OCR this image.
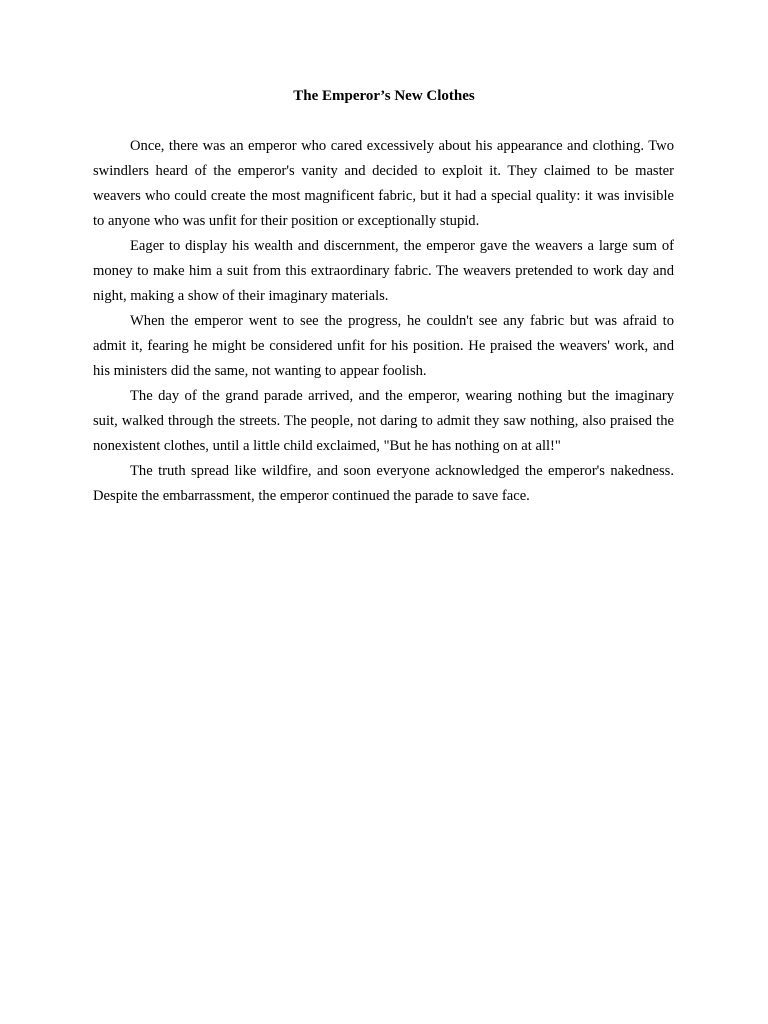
The Emperor’s New Clothes

Once, there was an emperor who cared excessively about his appearance and clothing. Two swindlers heard of the emperor's vanity and decided to exploit it. They claimed to be master weavers who could create the most magnificent fabric, but it had a special quality: it was invisible to anyone who was unfit for their position or exceptionally stupid.

Eager to display his wealth and discernment, the emperor gave the weavers a large sum of money to make him a suit from this extraordinary fabric. The weavers pretended to work day and night, making a show of their imaginary materials.

When the emperor went to see the progress, he couldn't see any fabric but was afraid to admit it, fearing he might be considered unfit for his position. He praised the weavers' work, and his ministers did the same, not wanting to appear foolish.

The day of the grand parade arrived, and the emperor, wearing nothing but the imaginary suit, walked through the streets. The people, not daring to admit they saw nothing, also praised the nonexistent clothes, until a little child exclaimed, "But he has nothing on at all!"

The truth spread like wildfire, and soon everyone acknowledged the emperor's nakedness. Despite the embarrassment, the emperor continued the parade to save face.
